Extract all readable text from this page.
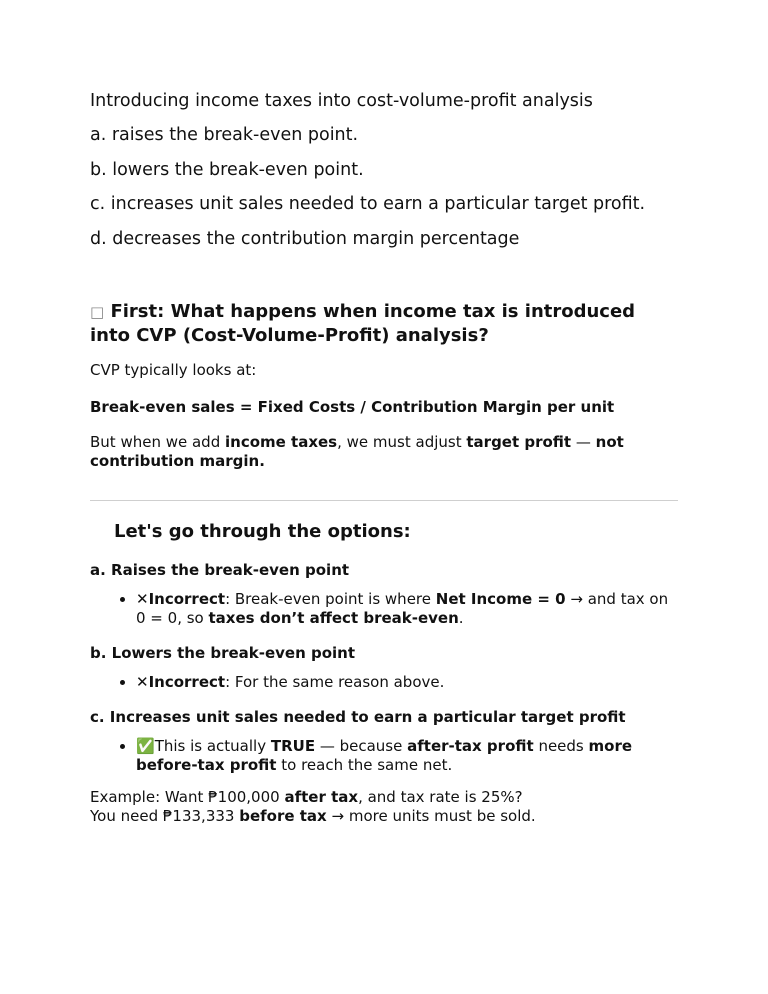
Introducing income taxes into cost-volume-profit analysis

a. raises the break-even point.

b. lowers the break-even point.

c. increases unit sales needed to earn a particular target profit.

d. decreases the contribution margin percentage

□ First: What happens when income tax is introduced into CVP (Cost-Volume-Profit) analysis?

CVP typically looks at:

Break-even sales = Fixed Costs / Contribution Margin per unit

But when we add income taxes, we must adjust target profit — not contribution margin.

Let's go through the options:

a. Raises the break-even point

• ✕Incorrect: Break-even point is where Net Income = 0 → and tax on 0 = 0, so taxes don’t affect break-even.

b. Lowers the break-even point

• ✕Incorrect: For the same reason above.

c. Increases unit sales needed to earn a particular target profit

• ✅This is actually TRUE — because after-tax profit needs more before-tax profit to reach the same net.

Example: Want ₱100,000 after tax, and tax rate is 25%?

You need ₱133,333 before tax → more units must be sold.
